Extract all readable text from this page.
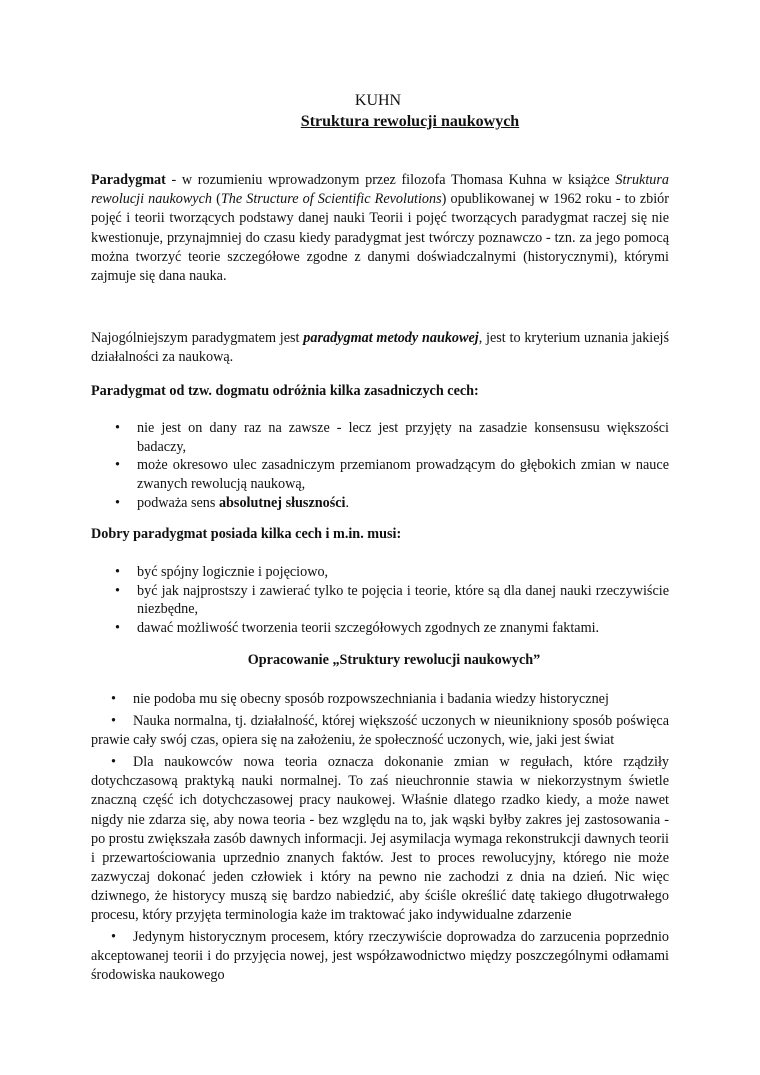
KUHN
Struktura rewolucji naukowych
Paradygmat - w rozumieniu wprowadzonym przez filozofa Thomasa Kuhna w książce Struktura rewolucji naukowych (The Structure of Scientific Revolutions) opublikowanej w 1962 roku - to zbiór pojęć i teorii tworzących podstawy danej nauki Teorii i pojęć tworzących paradygmat raczej się nie kwestionuje, przynajmniej do czasu kiedy paradygmat jest twórczy poznawczo - tzn. za jego pomocą można tworzyć teorie szczegółowe zgodne z danymi doświadczalnymi (historycznymi), którymi zajmuje się dana nauka.
Najogólniejszym paradygmatem jest paradygmat metody naukowej, jest to kryterium uznania jakiejś działalności za naukową.
Paradygmat od tzw. dogmatu odróżnia kilka zasadniczych cech:
• nie jest on dany raz na zawsze - lecz jest przyjęty na zasadzie konsensusu większości badaczy,
• może okresowo ulec zasadniczym przemianom prowadzącym do głębokich zmian w nauce zwanych rewolucją naukową,
• podważa sens absolutnej słuszności.
Dobry paradygmat posiada kilka cech i m.in. musi:
• być spójny logicznie i pojęciowo,
• być jak najprostszy i zawierać tylko te pojęcia i teorie, które są dla danej nauki rzeczywiście niezbędne,
• dawać możliwość tworzenia teorii szczegółowych zgodnych ze znanymi faktami.
Opracowanie „Struktury rewolucji naukowych”

• nie podoba mu się obecny sposób rozpowszechniania i badania wiedzy historycznej

• Nauka normalna, tj. działalność, której większość uczonych w nieunikniony sposób poświęca prawie cały swój czas, opiera się na założeniu, że społeczność uczonych, wie, jaki jest świat

• Dla naukowców nowa teoria oznacza dokonanie zmian w regułach, które rządziły dotychczasową praktyką nauki normalnej. To zaś nieuchronnie stawia w niekorzystnym świetle znaczną część ich dotychczasowej pracy naukowej. Właśnie dlatego rzadko kiedy, a może nawet nigdy nie zdarza się, aby nowa teoria - bez względu na to, jak wąski byłby zakres jej zastosowania - po prostu zwiększała zasób dawnych informacji. Jej asymilacja wymaga rekonstrukcji dawnych teorii i przewartościowania uprzednio znanych faktów. Jest to proces rewolucyjny, którego nie może zazwyczaj dokonać jeden człowiek i który na pewno nie zachodzi z dnia na dzień. Nic więc dziwnego, że historycy muszą się bardzo nabiedzić, aby ściśle określić datę takiego długotrwałego procesu, który przyjęta terminologia każe im traktować jako indywidualne zdarzenie

• Jedynym historycznym procesem, który rzeczywiście doprowadza do zarzucenia poprzednio akceptowanej teorii i do przyjęcia nowej, jest współzawodnictwo między poszczególnymi odłamami środowiska naukowego
